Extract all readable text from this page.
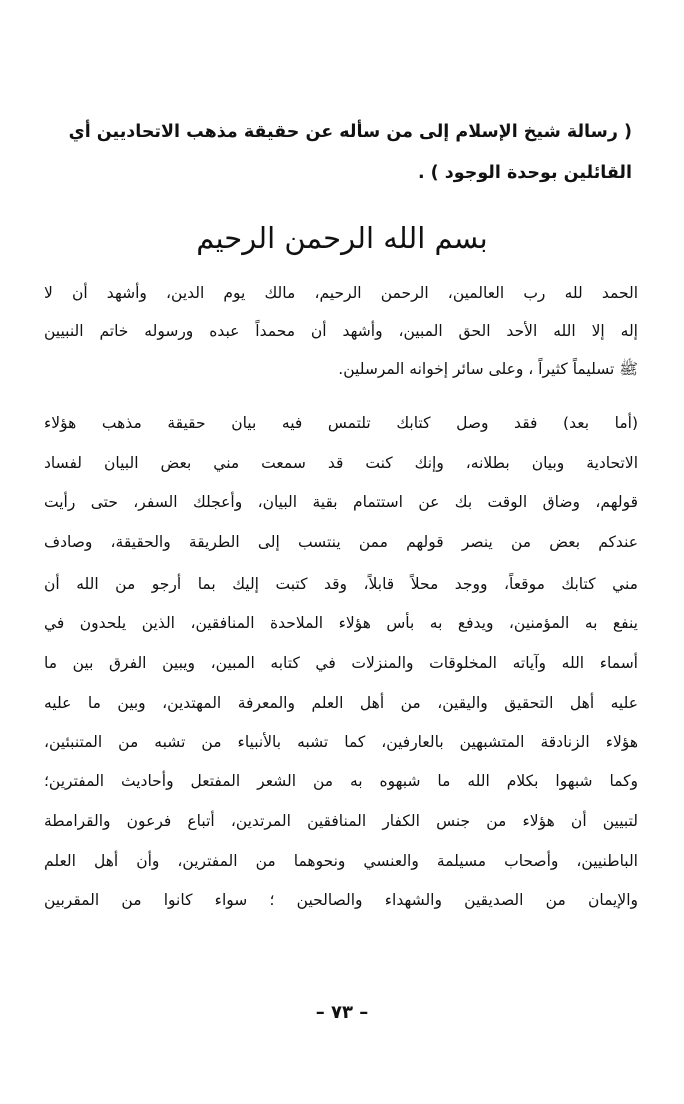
( رسالة شيخ الإسلام إلى من سأله عن حقيقة مذهب الاتحاديين أي
القائلين بوحدة الوجود ) .
بسم الله الرحمن الرحيم
الحمد لله رب العالمين، الرحمن الرحيم، مالك يوم الدين، وأشهد أن لا
إله إلا الله الأحد الحق المبين، وأشهد أن محمداً عبده ورسوله خاتم النبيين
ﷺ تسليماً كثيراً ، وعلى سائر إخوانه المرسلين.
(أما بعد) فقد وصل كتابك تلتمس فيه بيان حقيقة مذهب هؤلاء
الاتحادية وبيان بطلانه، وإنك كنت قد سمعت مني بعض البيان لفساد
قولهم، وضاق الوقت بك عن استتمام بقية البيان، وأعجلك السفر، حتى رأيت
عندكم بعض من ينصر قولهم ممن ينتسب إلى الطريقة والحقيقة، وصادف
مني كتابك موقعاً، ووجد محلاً قابلاً، وقد كتبت إليك بما أرجو من الله أن
ينفع به المؤمنين، ويدفع به بأس هؤلاء الملاحدة المنافقين، الذين يلحدون في
أسماء الله وآياته المخلوقات والمنزلات في كتابه المبين، ويبين الفرق بين ما
عليه أهل التحقيق واليقين، من أهل العلم والمعرفة المهتدين، وبين ما عليه
هؤلاء الزنادقة المتشبهين بالعارفين، كما تشبه بالأنبياء من تشبه من المتنبئين،
وكما شبهوا بكلام الله ما شبهوه به من الشعر المفتعل وأحاديث المفترين؛
لتبيين أن هؤلاء من جنس الكفار المنافقين المرتدين، أتباع فرعون والقرامطة
الباطنيين، وأصحاب مسيلمة والعنسي ونحوهما من المفترين، وأن أهل العلم
والإيمان من الصديقين والشهداء والصالحين ؛ سواء كانوا من المقربين
– ٧٣ –
